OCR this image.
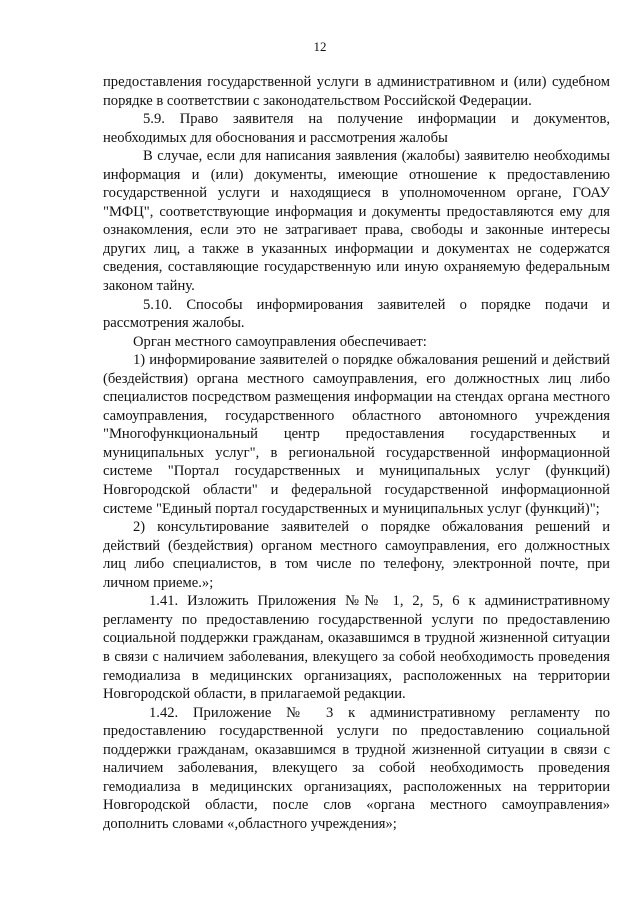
12

предоставления государственной услуги в административном и (или) судебном порядке в соответствии с законодательством Российской Федерации.

5.9. Право заявителя на получение информации и документов, необходимых для обоснования и рассмотрения жалобы

В случае, если для написания заявления (жалобы) заявителю необходимы информация и (или) документы, имеющие отношение к предоставлению государственной услуги и находящиеся в уполномоченном органе, ГОАУ "МФЦ", соответствующие информация и документы предоставляются ему для ознакомления, если это не затрагивает права, свободы и законные интересы других лиц, а также в указанных информации и документах не содержатся сведения, составляющие государственную или иную охраняемую федеральным законом тайну.

5.10. Способы информирования заявителей о порядке подачи и рассмотрения жалобы.

Орган местного самоуправления обеспечивает:

1) информирование заявителей о порядке обжалования решений и действий (бездействия) органа местного самоуправления, его должностных лиц либо специалистов посредством размещения информации на стендах органа местного самоуправления, государственного областного автономного учреждения "Многофункциональный центр предоставления государственных и муниципальных услуг", в региональной государственной информационной системе "Портал государственных и муниципальных услуг (функций) Новгородской области" и федеральной государственной информационной системе "Единый портал государственных и муниципальных услуг (функций)";

2) консультирование заявителей о порядке обжалования решений и действий (бездействия) органом местного самоуправления, его должностных лиц либо специалистов, в том числе по телефону, электронной почте, при личном приеме.»;

1.41. Изложить Приложения №№ 1, 2, 5, 6 к административному регламенту по предоставлению государственной услуги по предоставлению социальной поддержки гражданам, оказавшимся в трудной жизненной ситуации в связи с наличием заболевания, влекущего за собой необходимость проведения гемодиализа в медицинских организациях, расположенных на территории Новгородской области, в прилагаемой редакции.

1.42. Приложение № 3 к административному регламенту по предоставлению государственной услуги по предоставлению социальной поддержки гражданам, оказавшимся в трудной жизненной ситуации в связи с наличием заболевания, влекущего за собой необходимость проведения гемодиализа в медицинских организациях, расположенных на территории Новгородской области, после слов «органа местного самоуправления» дополнить словами «,областного учреждения»;
